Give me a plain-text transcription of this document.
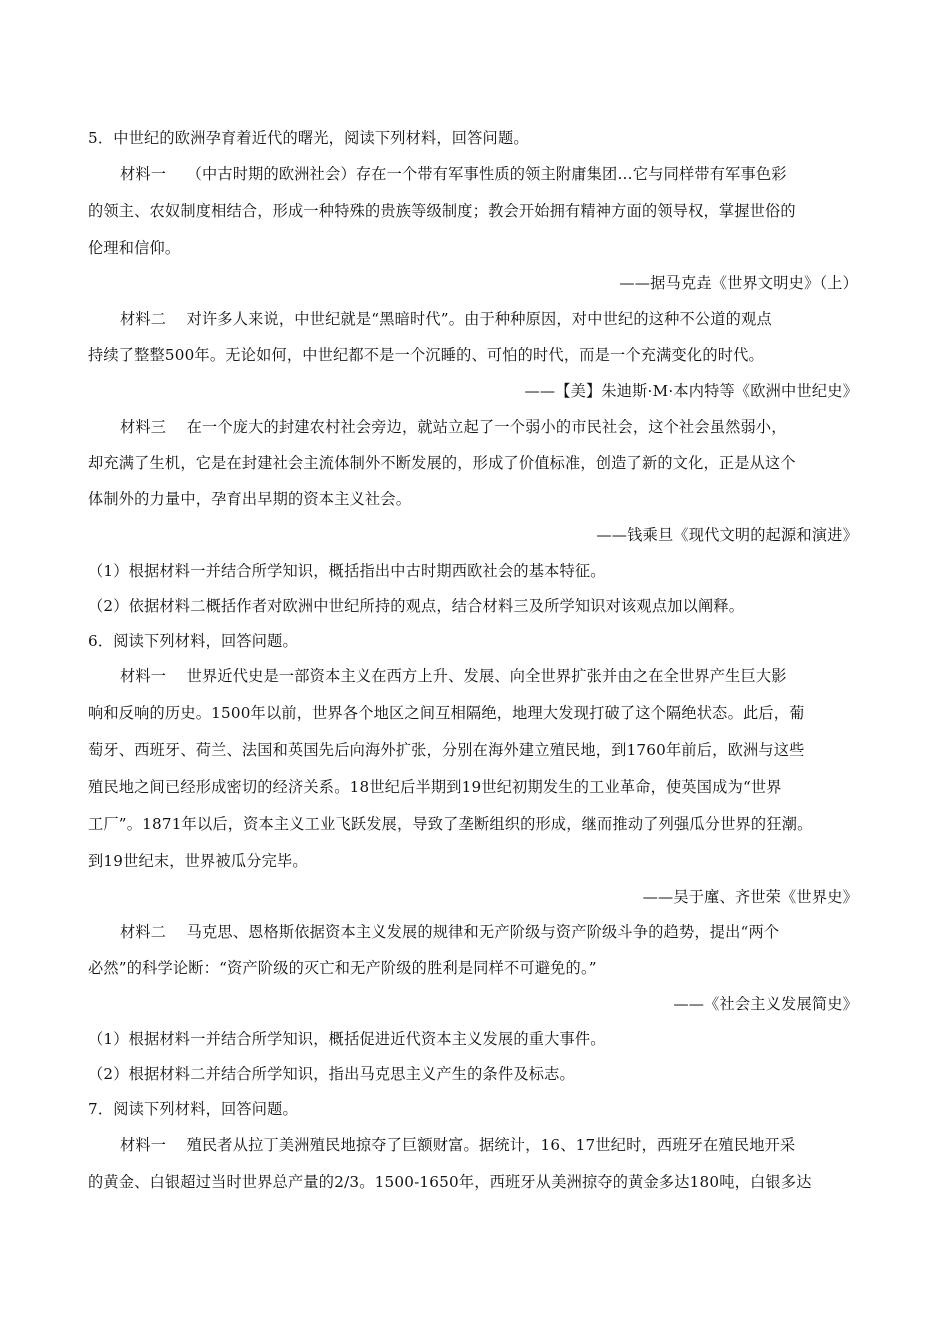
5．中世纪的欧洲孕育着近代的曙光，阅读下列材料，回答问题。
材料一　 （中古时期的欧洲社会）存在一个带有军事性质的领主附庸集团…它与同样带有军事色彩
的领主、农奴制度相结合，形成一种特殊的贵族等级制度；教会开始拥有精神方面的领导权，掌握世俗的
伦理和信仰。
——据马克垚《世界文明史》（上）
材料二　 对许多人来说，中世纪就是“黑暗时代”。由于种种原因，对中世纪的这种不公道的观点
持续了整整500年。无论如何，中世纪都不是一个沉睡的、可怕的时代，而是一个充满变化的时代。
——【美】朱迪斯·M·本内特等《欧洲中世纪史》
材料三　 在一个庞大的封建农村社会旁边，就站立起了一个弱小的市民社会，这个社会虽然弱小，
却充满了生机，它是在封建社会主流体制外不断发展的，形成了价值标准，创造了新的文化，正是从这个
体制外的力量中，孕育出早期的资本主义社会。
——钱乘旦《现代文明的起源和演进》
（1）根据材料一并结合所学知识，概括指出中古时期西欧社会的基本特征。
（2）依据材料二概括作者对欧洲中世纪所持的观点，结合材料三及所学知识对该观点加以阐释。
6．阅读下列材料，回答问题。
材料一　 世界近代史是一部资本主义在西方上升、发展、向全世界扩张并由之在全世界产生巨大影
响和反响的历史。1500年以前，世界各个地区之间互相隔绝，地理大发现打破了这个隔绝状态。此后，葡
萄牙、西班牙、荷兰、法国和英国先后向海外扩张，分别在海外建立殖民地，到1760年前后，欧洲与这些
殖民地之间已经形成密切的经济关系。18世纪后半期到19世纪初期发生的工业革命，使英国成为“世界
工厂”。1871年以后，资本主义工业飞跃发展，导致了垄断组织的形成，继而推动了列强瓜分世界的狂潮。
到19世纪末，世界被瓜分完毕。
——吴于廑、齐世荣《世界史》
材料二　 马克思、恩格斯依据资本主义发展的规律和无产阶级与资产阶级斗争的趋势，提出“两个
必然”的科学论断：“资产阶级的灭亡和无产阶级的胜利是同样不可避免的。”
——《社会主义发展简史》
（1）根据材料一并结合所学知识，概括促进近代资本主义发展的重大事件。
（2）根据材料二并结合所学知识，指出马克思主义产生的条件及标志。
7．阅读下列材料，回答问题。
材料一　 殖民者从拉丁美洲殖民地掠夺了巨额财富。据统计，16、17世纪时，西班牙在殖民地开采
的黄金、白银超过当时世界总产量的2/3。1500-1650年，西班牙从美洲掠夺的黄金多达180吨，白银多达
